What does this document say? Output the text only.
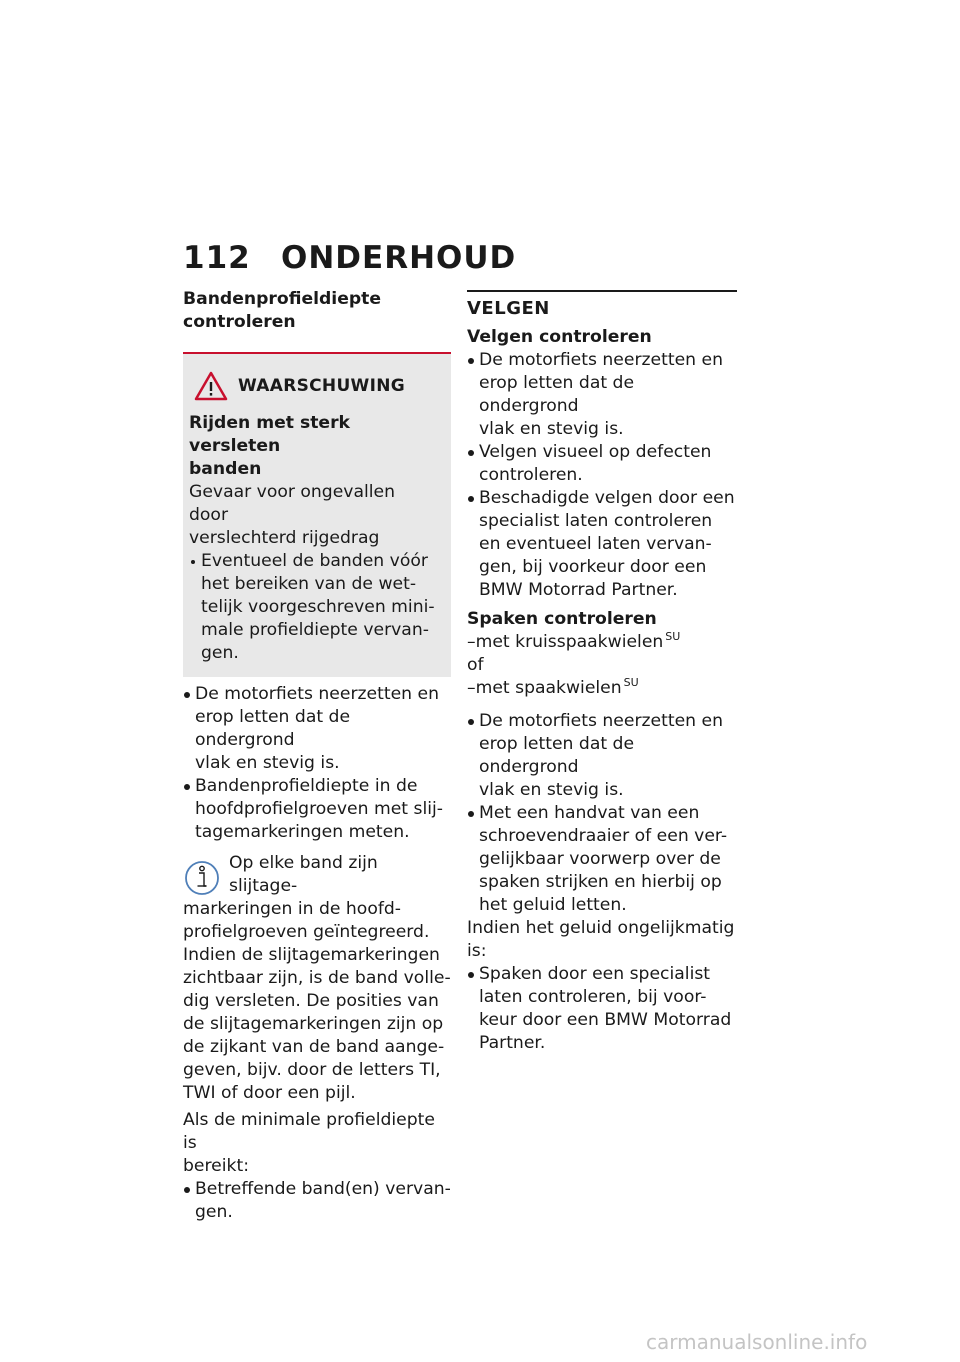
112 ONDERHOUD

Bandenprofieldiepte
controleren

WAARSCHUWING
Rijden met sterk versleten
banden

Gevaar voor ongevallen door
verslechterd rijgedrag

Eventueel de banden vóór
het bereiken van de wet-
telijk voorgeschreven mini-
male profieldiepte vervan-
gen.
De motorfiets neerzetten en
erop letten dat de ondergrond
vlak en stevig is.
Bandenprofieldiepte in de
hoofdprofielgroeven met slij-
tagemarkeringen meten.

Op elke band zijn slijtage-
markeringen in de hoofd-
profielgroeven geïntegreerd.
Indien de slijtagemarkeringen
zichtbaar zijn, is de band volle-
dig versleten. De posities van
de slijtagemarkeringen zijn op
de zijkant van de band aange-
geven, bijv. door de letters TI,
TWI of door een pijl.

Als de minimale profieldiepte is
bereikt:

Betreffende band(en) vervan-
gen.
VELGEN

Velgen controleren

De motorfiets neerzetten en
erop letten dat de ondergrond
vlak en stevig is.
Velgen visueel op defecten
controleren.
Beschadigde velgen door een
specialist laten controleren
en eventueel laten vervan-
gen, bij voorkeur door een
BMW Motorrad Partner.

Spaken controleren

–met kruisspaakwielen $^{SU}$

of

–met spaakwielen $^{SU}$

De motorfiets neerzetten en
erop letten dat de ondergrond
vlak en stevig is.
Met een handvat van een
schroevendraaier of een ver-
gelijkbaar voorwerp over de
spaken strijken en hierbij op
het geluid letten.

Indien het geluid ongelijkmatig
is:

Spaken door een specialist
laten controleren, bij voor-
keur door een BMW Motorrad
Partner.
carmanualsonline.info
